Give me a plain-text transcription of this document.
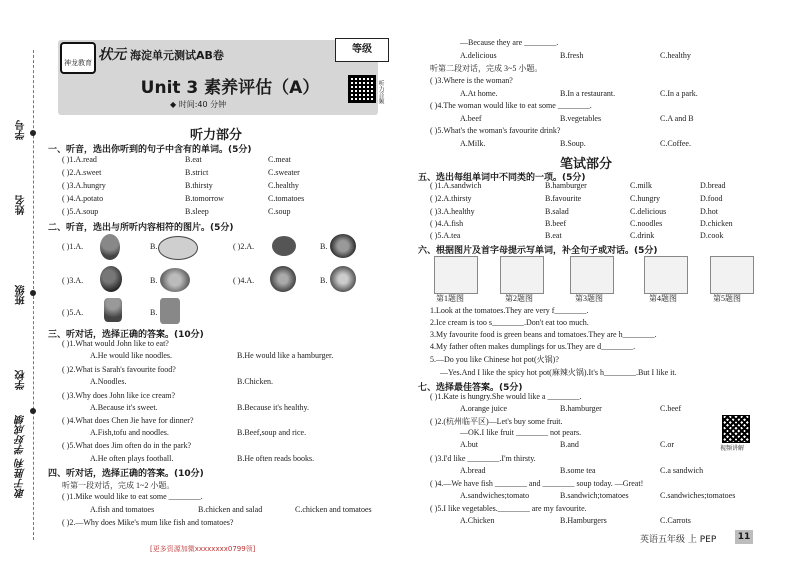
学号
姓名
班级
学校
敢于胜利 学好成绩
神龙教育 状元 海淀单元测试AB卷	等级
Unit 3 素养评估（A）
◆ 时间:40 分钟
听力音频
听力部分
一、听音，选出你听到的句子中含有的单词。(5分)
( )1.A.read	B.eat	C.meat
( )2.A.sweet	B.strict	C.sweater
( )3.A.hungry	B.thirsty	C.healthy
( )4.A.potato	B.tomorrow	C.tomatoes
( )5.A.soup	B.sleep	C.soup
二、听音，选出与所听内容相符的图片。(5分)
( )1.A.	B.	( )2.A.	B.
( )3.A.	B.	( )4.A.	B.
( )5.A.	B.
三、听对话，选择正确的答案。(10分)
( )1.What would John like to eat?
A.He would like noodles.	B.He would like a hamburger.
( )2.What is Sarah's favourite food?
A.Noodles.	B.Chicken.
( )3.Why does John like ice cream?
A.Because it's sweet.	B.Because it's healthy.
( )4.What does Chen Jie have for dinner?
A.Fish,tofu and noodles.	B.Beef,soup and rice.
( )5.What does Jim often do in the park?
A.He often plays football.	B.He often reads books.
四、听对话，选择正确的答案。(10分)
听第一段对话，完成 1~2 小题。
( )1.Mike would like to eat some ________.
A.fish and tomatoes	B.chicken and salad	C.chicken and tomatoes
( )2.—Why does Mike's mum like fish and tomatoes?
—Because they are ________.
A.delicious	B.fresh	C.healthy
听第二段对话，完成 3~5 小题。
( )3.Where is the woman?
A.At home.	B.In a restaurant.	C.In a park.
( )4.The woman would like to eat some ________.
A.beef	B.vegetables	C.A and B
( )5.What's the woman's favourite drink?
A.Milk.	B.Soup.	C.Coffee.
笔试部分
五、选出每组单词中不同类的一项。(5分)
( )1.A.sandwich	B.hamburger	C.milk	D.bread
( )2.A.thirsty	B.favourite	C.hungry	D.food
( )3.A.healthy	B.salad	C.delicious	D.hot
( )4.A.fish	B.beef	C.noodles	D.chicken
( )5.A.tea	B.eat	C.drink	D.cook
六、根据图片及首字母提示写单词，补全句子或对话。(5分)
第1题图	第2题图	第3题图	第4题图	第5题图
1.Look at the tomatoes.They are very f________.
2.Ice cream is too s________.Don't eat too much.
3.My favourite food is green beans and tomatoes.They are h________.
4.My father often makes dumplings for us.They are d________.
5.—Do you like Chinese hot pot(火锅)?
—Yes.And I like the spicy hot pot(麻辣火锅).It's h________.But I like it.
七、选择最佳答案。(5分)
( )1.Kate is hungry.She would like a ________.
A.orange juice	B.hamburger	C.beef
( )2.(杭州临平区)—Let's buy some fruit.
—OK.I like fruit ________ not pears.
A.but	B.and	C.or	视频讲解
( )3.I'd like ________.I'm thirsty.
A.bread	B.some tea	C.a sandwich
( )4.—We have fish ________ and ________ soup today. —Great!
A.sandwiches;tomato	B.sandwich;tomatoes	C.sandwiches;tomatoes
( )5.I like vegetables.________ are my favourite.
A.Chicken	B.Hamburgers	C.Carrots
英语五年级 上 PEP	11
[更多资源加微xxxxxxxx0799领]
